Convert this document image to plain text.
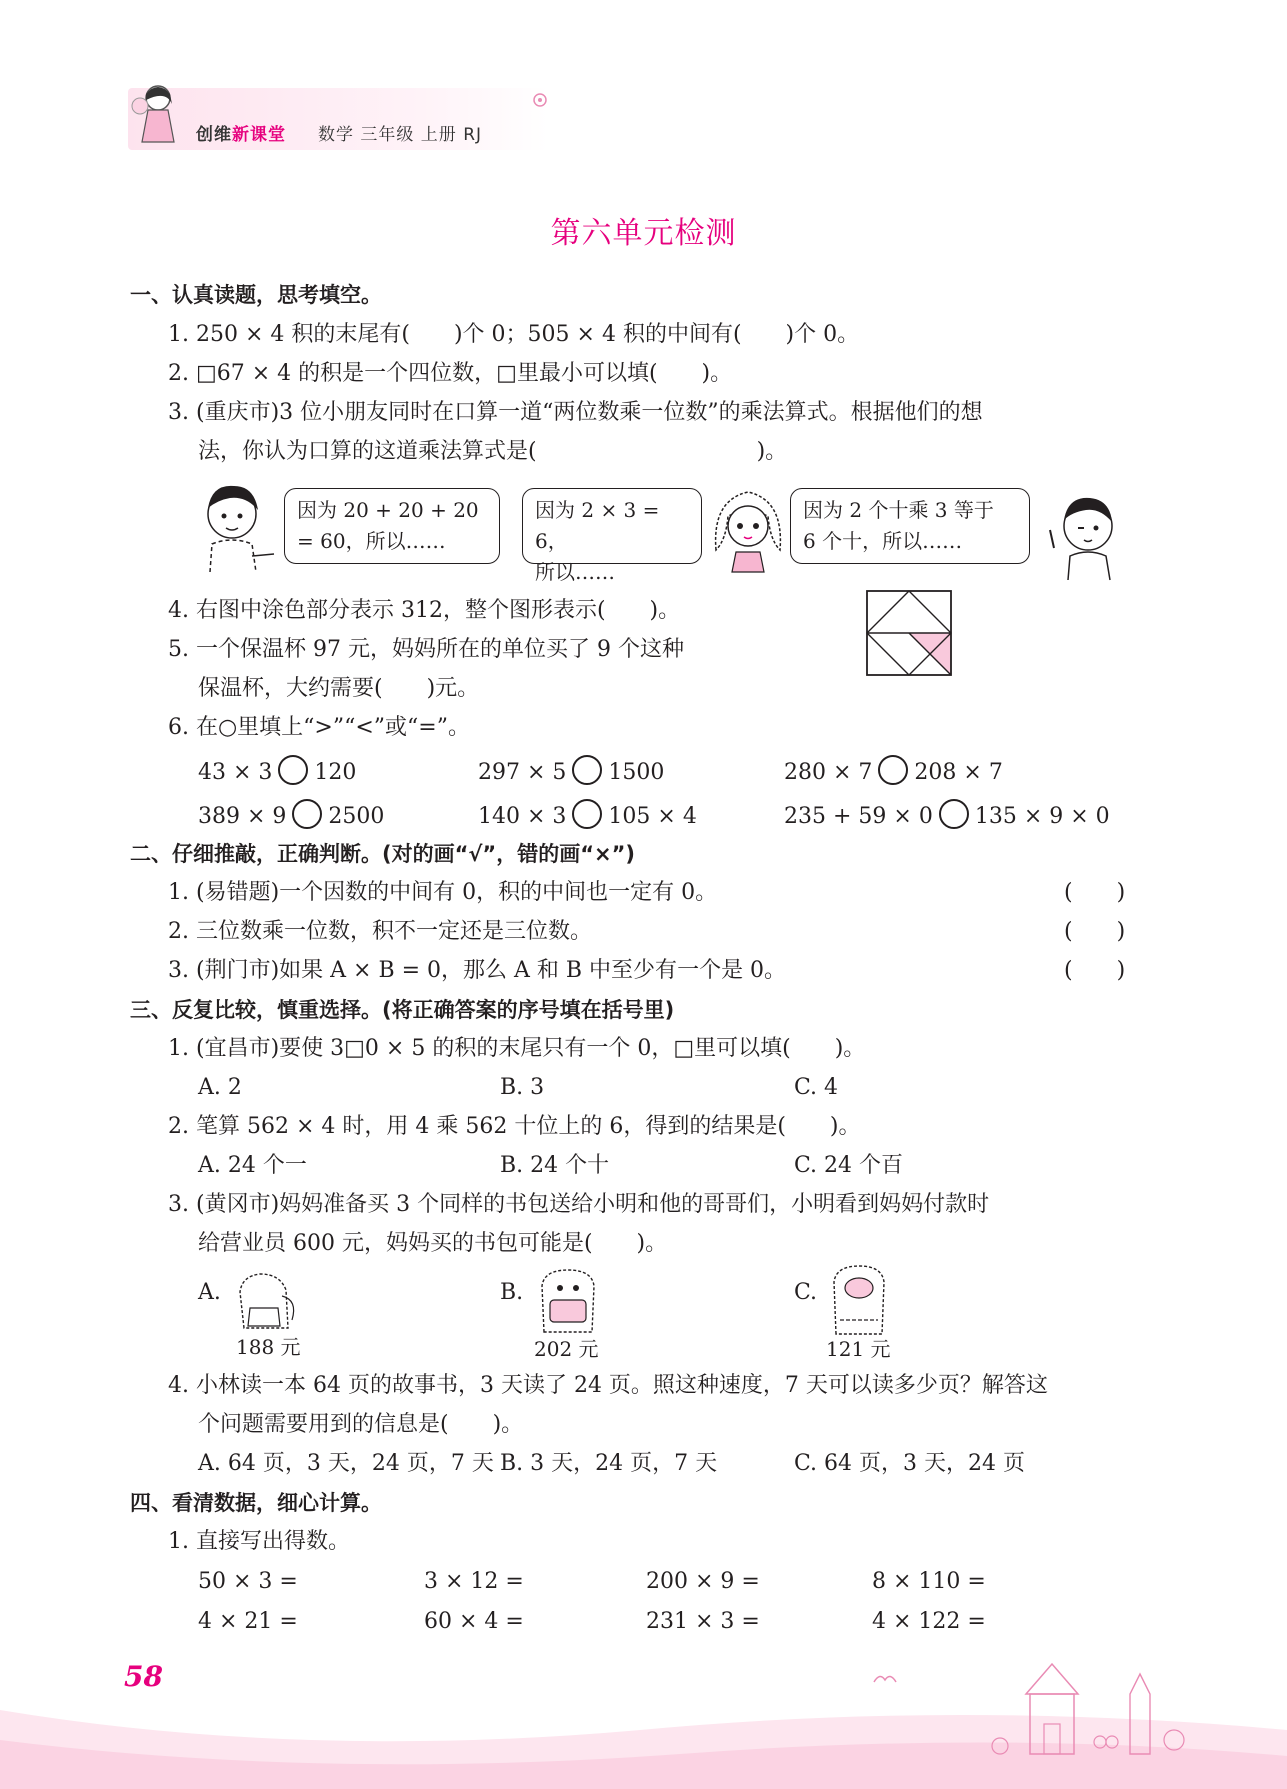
创维新课堂 数学 三年级 上册 RJ
第六单元检测
一、认真读题，思考填空。
1. 250 × 4 积的末尾有(　　)个 0；505 × 4 积的中间有(　　)个 0。
2. □67 × 4 的积是一个四位数，□里最小可以填(　　)。
3. (重庆市)3 位小朋友同时在口算一道“两位数乘一位数”的乘法算式。根据他们的想
法，你认为口算的这道乘法算式是(　　　　　　　　　　)。
因为 20 + 20 + 20
= 60，所以……
因为 2 × 3 = 6，
所以……
因为 2 个十乘 3 等于
6 个十，所以……
4. 右图中涂色部分表示 312，整个图形表示(　　)。
5. 一个保温杯 97 元，妈妈所在的单位买了 9 个这种
保温杯，大约需要(　　)元。
6. 在○里填上“>”“<”或“=”。
43 × 3 120	297 × 5 1500	280 × 7 208 × 7
389 × 9 2500	140 × 3 105 × 4	235 + 59 × 0 135 × 9 × 0
二、仔细推敲，正确判断。(对的画“√”，错的画“×”)
1. (易错题)一个因数的中间有 0，积的中间也一定有 0。	(　　)
2. 三位数乘一位数，积不一定还是三位数。	(　　)
3. (荆门市)如果 A × B = 0，那么 A 和 B 中至少有一个是 0。	(　　)
三、反复比较，慎重选择。(将正确答案的序号填在括号里)
1. (宜昌市)要使 3□0 × 5 的积的末尾只有一个 0，□里可以填(　　)。
A. 2	B. 3	C. 4
2. 笔算 562 × 4 时，用 4 乘 562 十位上的 6，得到的结果是(　　)。
A. 24 个一	B. 24 个十	C. 24 个百
3. (黄冈市)妈妈准备买 3 个同样的书包送给小明和他的哥哥们，小明看到妈妈付款时
给营业员 600 元，妈妈买的书包可能是(　　)。
A.
188 元
B.
202 元
C.
121 元
4. 小林读一本 64 页的故事书，3 天读了 24 页。照这种速度，7 天可以读多少页？解答这
个问题需要用到的信息是(　　)。
A. 64 页，3 天，24 页，7 天 B. 3 天，24 页，7 天	C. 64 页，3 天，24 页
四、看清数据，细心计算。
1. 直接写出得数。
50 × 3 =	3 × 12 =	200 × 9 =	8 × 110 =
4 × 21 =	60 × 4 =	231 × 3 =	4 × 122 =
58
